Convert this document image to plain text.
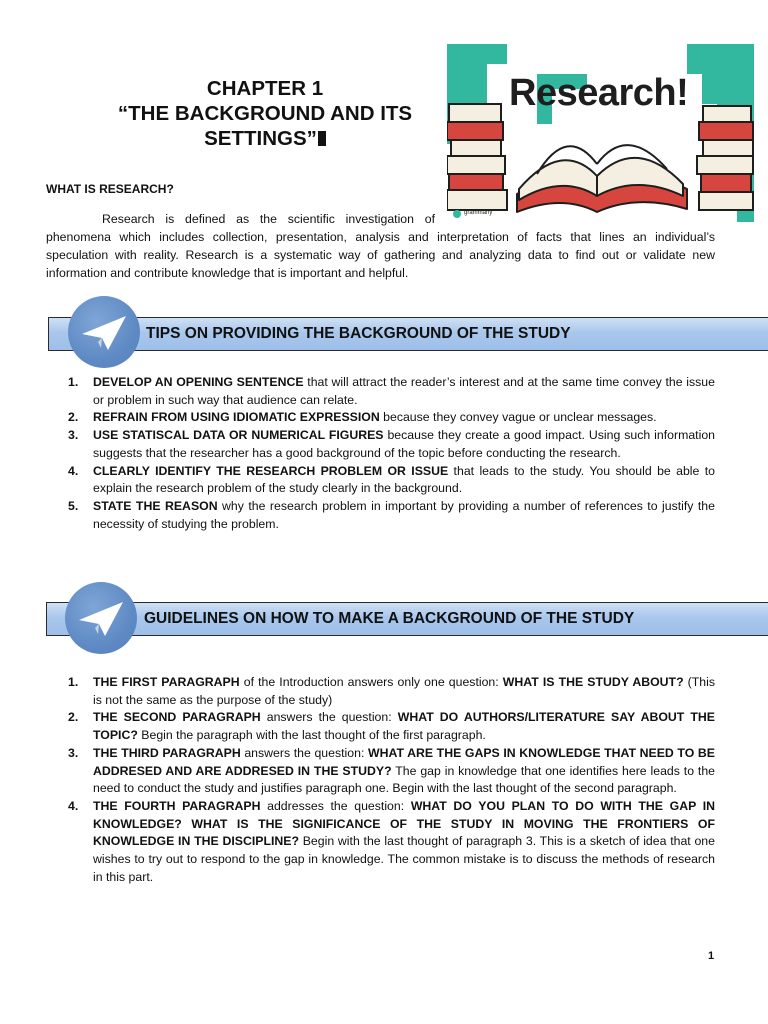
CHAPTER 1
“THE BACKGROUND AND ITS
SETTINGS”
Research!
grammarly
WHAT IS RESEARCH?
Research is defined as the scientific investigation of
phenomena which includes collection, presentation, analysis and interpretation of facts that lines an individual’s speculation with reality. Research is a systematic way of gathering and analyzing data to find out or validate new information and contribute knowledge that is important and helpful.
TIPS ON PROVIDING THE BACKGROUND OF THE STUDY
1. DEVELOP AN OPENING SENTENCE that will attract the reader’s interest and at the same time convey the issue or problem in such way that audience can relate.
2. REFRAIN FROM USING IDIOMATIC EXPRESSION because they convey vague or unclear messages.
3. USE STATISCAL DATA OR NUMERICAL FIGURES because they create a good impact. Using such information suggests that the researcher has a good background of the topic before conducting the research.
4. CLEARLY IDENTIFY THE RESEARCH PROBLEM OR ISSUE that leads to the study. You should be able to explain the research problem of the study clearly in the background.
5. STATE THE REASON why the research problem in important by providing a number of references to justify the necessity of studying the problem.
GUIDELINES ON HOW TO MAKE A BACKGROUND OF THE STUDY
1. THE FIRST PARAGRAPH of the Introduction answers only one question: WHAT IS THE STUDY ABOUT? (This is not the same as the purpose of the study)
2. THE SECOND PARAGRAPH answers the question: WHAT DO AUTHORS/LITERATURE SAY ABOUT THE TOPIC? Begin the paragraph with the last thought of the first paragraph.
3. THE THIRD PARAGRAPH answers the question: WHAT ARE THE GAPS IN KNOWLEDGE THAT NEED TO BE ADDRESED AND ARE ADDRESED IN THE STUDY? The gap in knowledge that one identifies here leads to the need to conduct the study and justifies paragraph one. Begin with the last thought of the second paragraph.
4. THE FOURTH PARAGRAPH addresses the question: WHAT DO YOU PLAN TO DO WITH THE GAP IN KNOWLEDGE? WHAT IS THE SIGNIFICANCE OF THE STUDY IN MOVING THE FRONTIERS OF KNOWLEDGE IN THE DISCIPLINE? Begin with the last thought of paragraph 3. This is a sketch of idea that one wishes to try out to respond to the gap in knowledge. The common mistake is to discuss the methods of research in this part.
1
